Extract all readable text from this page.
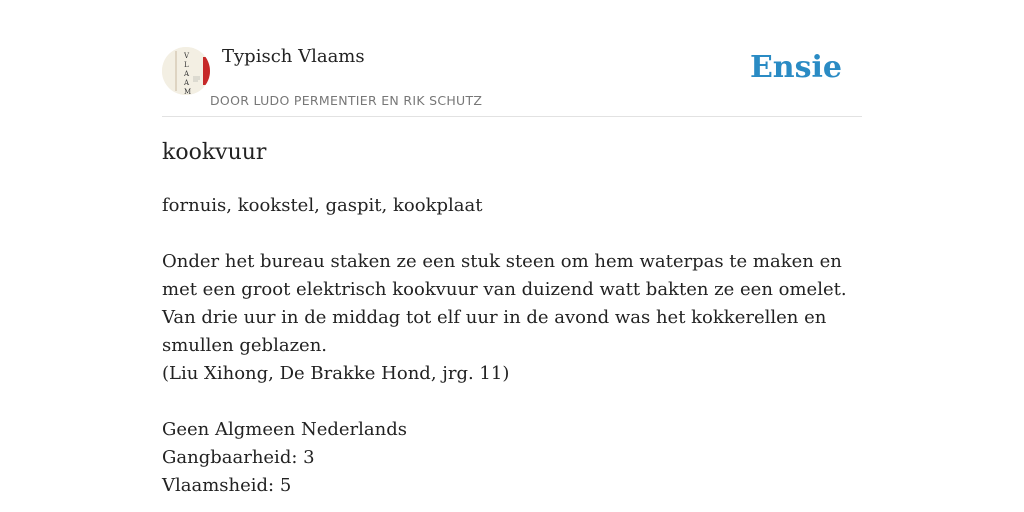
V
L
A
A
M
Typisch Vlaams
DOOR LUDO PERMENTIER EN RIK SCHUTZ
Ensie
kookvuur

fornuis, kookstel, gaspit, kookplaat

Onder het bureau staken ze een stuk steen om hem waterpas te maken en met een groot elektrisch kookvuur van duizend watt bakten ze een omelet. Van drie uur in de middag tot elf uur in de avond was het kokkerellen en smullen geblazen.

(Liu Xihong, De Brakke Hond, jrg. 11)

Geen Algmeen Nederlands

Gangbaarheid: 3

Vlaamsheid: 5
